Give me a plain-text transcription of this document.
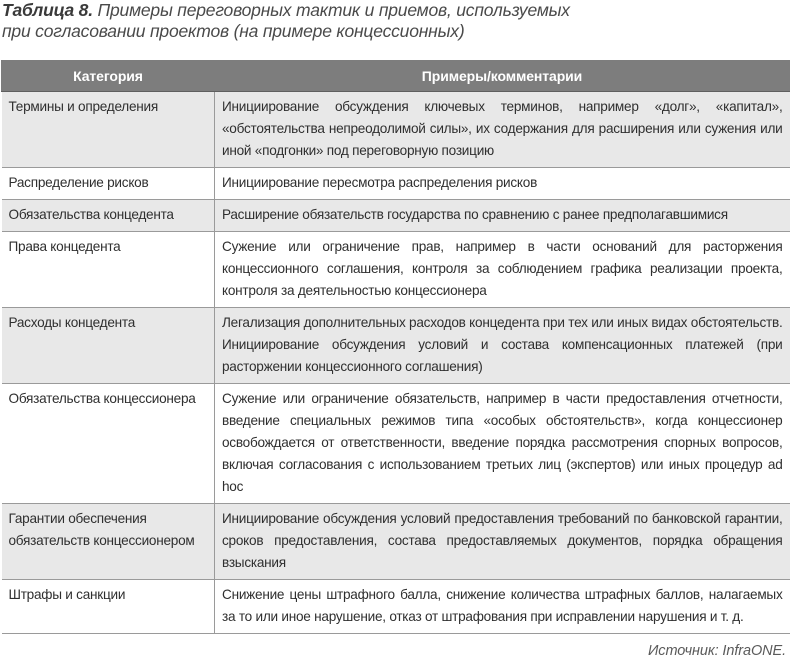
Таблица 8. Примеры переговорных тактик и приемов, используемых
при согласовании проектов (на примере концессионных)
Категория	Примеры/комментарии
Термины и определения	Инициирование обсуждения ключевых терминов, например «долг», «капитал», «обстоятельства непреодолимой силы», их содержания для расширения или сужения или иной «подгонки» под переговорную позицию
Распределение рисков	Инициирование пересмотра распределения рисков
Обязательства концедента	Расширение обязательств государства по сравнению с ранее предполагавшимися
Права концедента	Сужение или ограничение прав, например в части оснований для расторжения концессионного соглашения, контроля за соблюдением графика реализации проекта, контроля за деятельностью концессионера
Расходы концедента	Легализация дополнительных расходов концедента при тех или иных видах обстоятельств. Инициирование обсуждения условий и состава компенсационных платежей (при расторжении концессионного соглашения)
Обязательства концессионера	Сужение или ограничение обязательств, например в части предоставления отчетности, введение специальных режимов типа «особых обстоятельств», когда концессионер освобождается от ответственности, введение порядка рассмотрения спорных вопросов, включая согласования с использованием третьих лиц (экспертов) или иных процедур ad hoc
Гарантии обеспечения обязательств концессионером	Инициирование обсуждения условий предоставления требований по банковской гарантии, сроков предоставления, состава предоставляемых документов, порядка обращения взыскания
Штрафы и санкции	Снижение цены штрафного балла, снижение количества штрафных баллов, налагаемых за то или иное нарушение, отказ от штрафования при исправлении нарушения и т. д.
Источник: InfraONE.
